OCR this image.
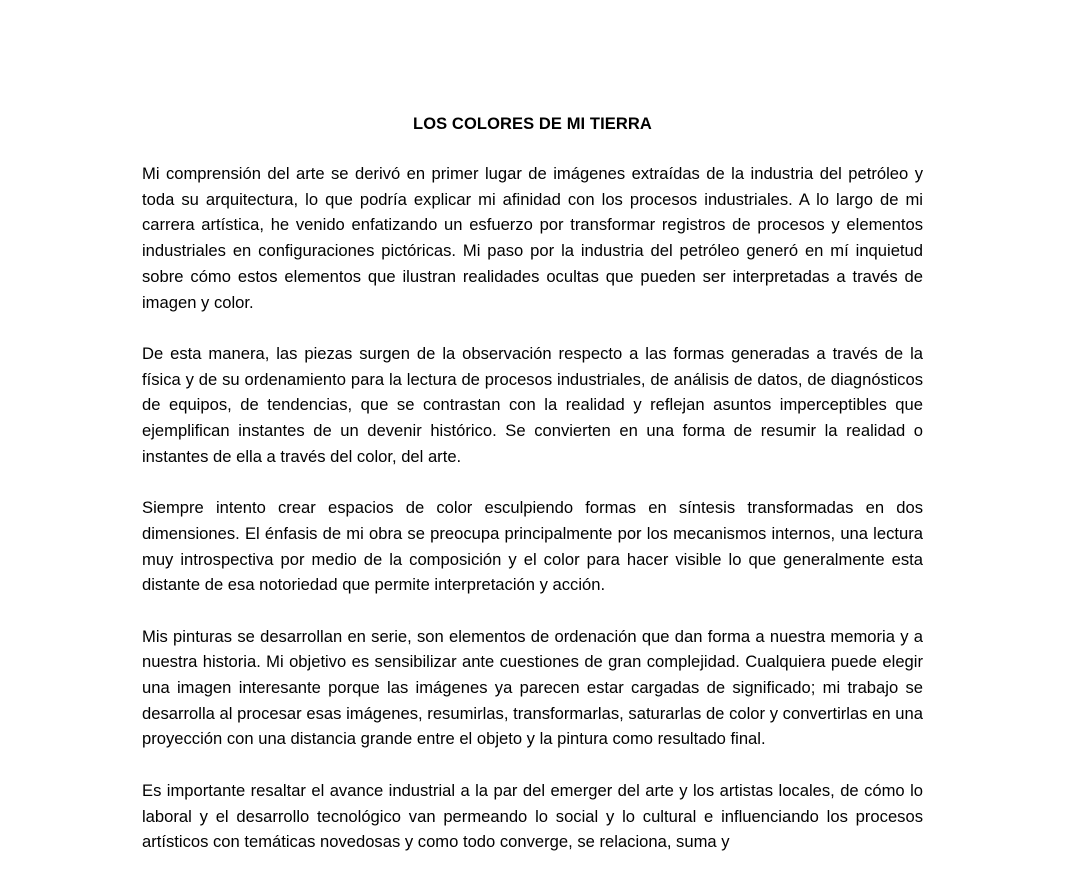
LOS COLORES DE MI TIERRA

Mi comprensión del arte se derivó en primer lugar de imágenes extraídas de la industria del petróleo y toda su arquitectura, lo que podría explicar mi afinidad con los procesos industriales. A lo largo de mi carrera artística, he venido enfatizando un esfuerzo por transformar registros de procesos y elementos industriales en configuraciones pictóricas. Mi paso por la industria del petróleo generó en mí inquietud sobre cómo estos elementos que ilustran realidades ocultas que pueden ser interpretadas a través de imagen y color.

De esta manera, las piezas surgen de la observación respecto a las formas generadas a través de la física y de su ordenamiento para la lectura de procesos industriales, de análisis de datos, de diagnósticos de equipos, de tendencias, que se contrastan con la realidad y reflejan asuntos imperceptibles que ejemplifican instantes de un devenir histórico. Se convierten en una forma de resumir la realidad o instantes de ella a través del color, del arte.

Siempre intento crear espacios de color esculpiendo formas en síntesis transformadas en dos dimensiones. El énfasis de mi obra se preocupa principalmente por los mecanismos internos, una lectura muy introspectiva por medio de la composición y el color para hacer visible lo que generalmente esta distante de esa notoriedad que permite interpretación y acción.

Mis pinturas se desarrollan en serie, son elementos de ordenación que dan forma a nuestra memoria y a nuestra historia. Mi objetivo es sensibilizar ante cuestiones de gran complejidad. Cualquiera puede elegir una imagen interesante porque las imágenes ya parecen estar cargadas de significado; mi trabajo se desarrolla al procesar esas imágenes, resumirlas, transformarlas, saturarlas de color y convertirlas en una proyección con una distancia grande entre el objeto y la pintura como resultado final.

Es importante resaltar el avance industrial a la par del emerger del arte y los artistas locales, de cómo lo laboral y el desarrollo tecnológico van permeando lo social y lo cultural e influenciando los procesos artísticos con temáticas novedosas y como todo converge, se relaciona, suma y
